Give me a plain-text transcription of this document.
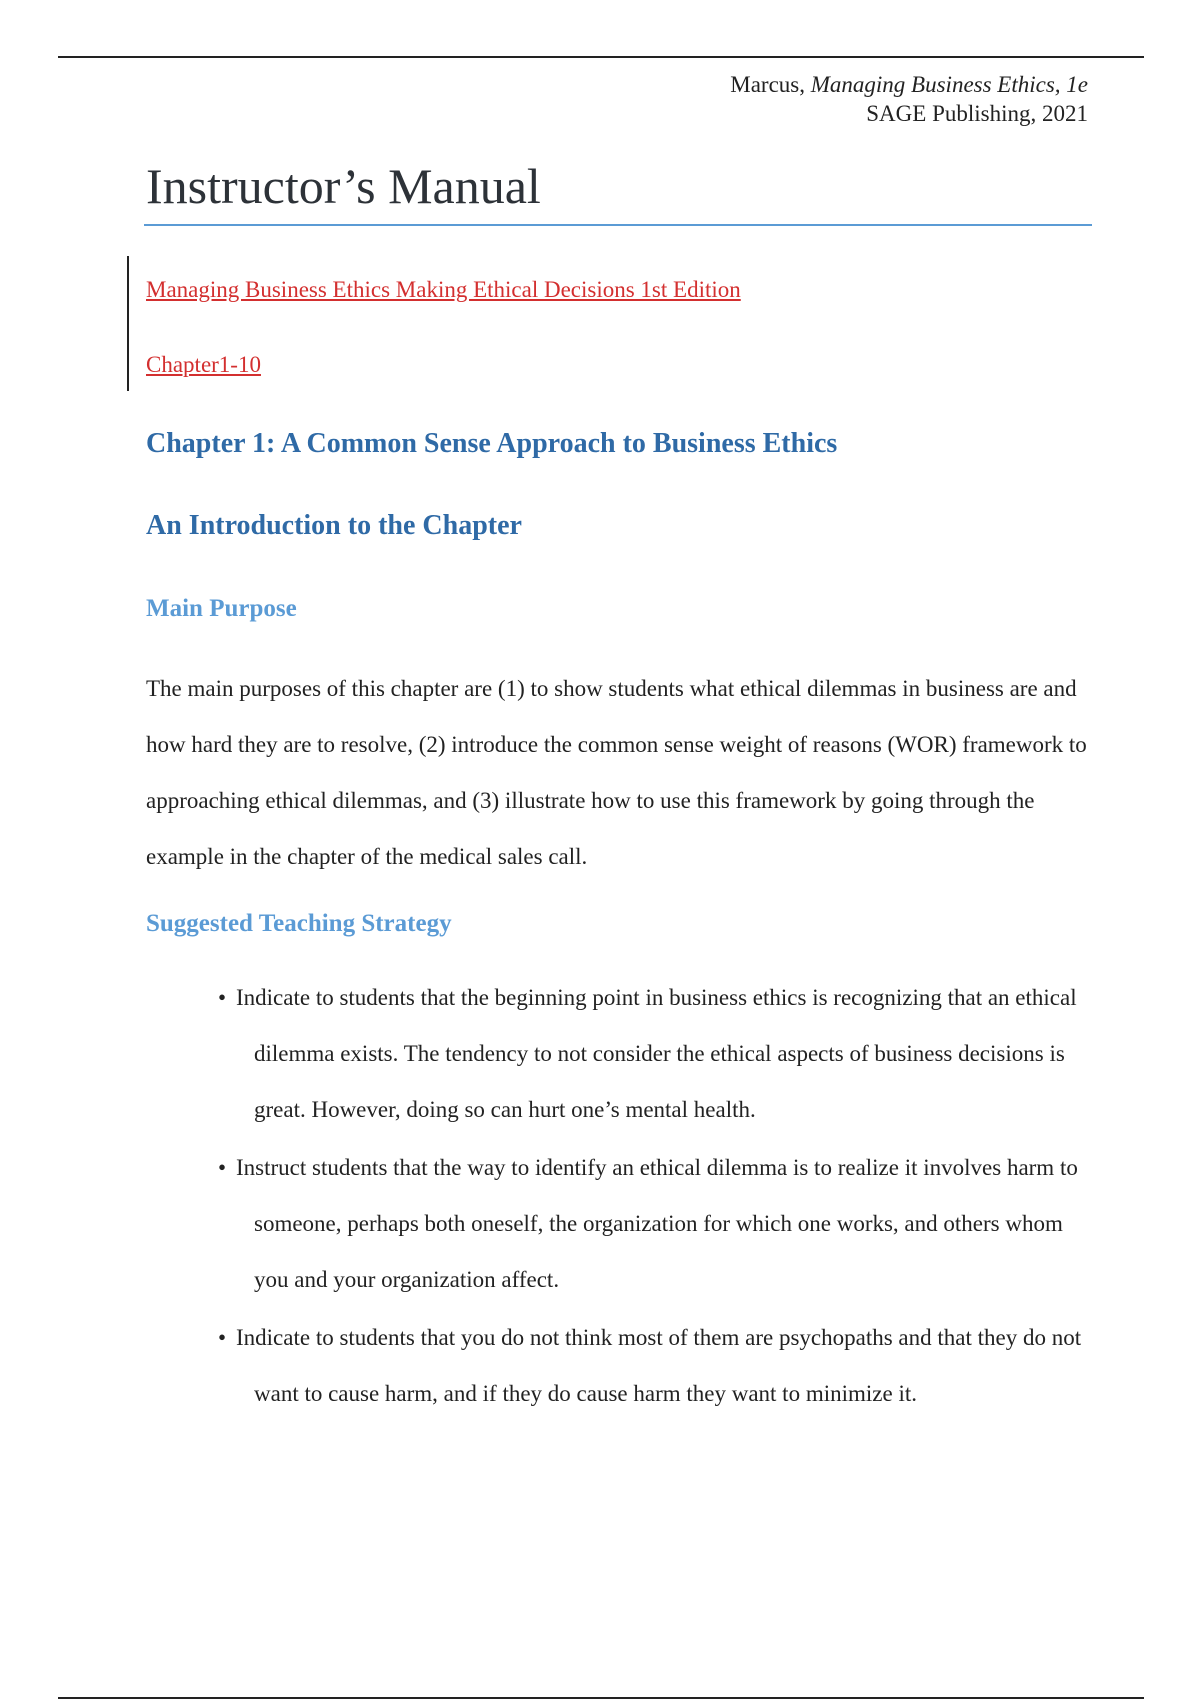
Marcus, Managing Business Ethics, 1e
SAGE Publishing, 2021
Instructor’s Manual
Managing Business Ethics Making Ethical Decisions 1st Edition
Chapter1-10
Chapter 1: A Common Sense Approach to Business Ethics
An Introduction to the Chapter
Main Purpose

The main purposes of this chapter are (1) to show students what ethical dilemmas in business are and how hard they are to resolve, (2) introduce the common sense weight of reasons (WOR) framework to approaching ethical dilemmas, and (3) illustrate how to use this framework by going through the example in the chapter of the medical sales call.

Suggested Teaching Strategy
• Indicate to students that the beginning point in business ethics is recognizing that an ethical dilemma exists. The tendency to not consider the ethical aspects of business decisions is great. However, doing so can hurt one’s mental health.
• Instruct students that the way to identify an ethical dilemma is to realize it involves harm to someone, perhaps both oneself, the organization for which one works, and others whom you and your organization affect.
• Indicate to students that you do not think most of them are psychopaths and that they do not want to cause harm, and if they do cause harm they want to minimize it.
